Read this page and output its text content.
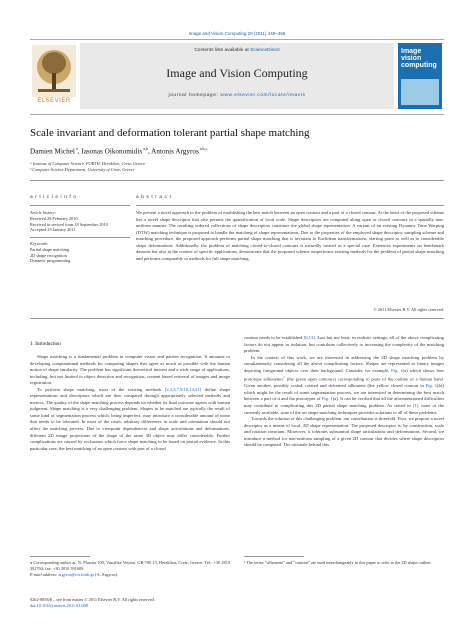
Image and Vision Computing 29 (2011) 449–465
ELSEVIER
Contents lists available at ScienceDirect
Image and Vision Computing
journal homepage: www.elsevier.com/locate/imavis
Image
vision
computing
Scale invariant and deformation tolerant partial shape matching
Damien Michel $^a$, Iasonas Oikonomidis $^{a,b}$, Antonis Argyros $^{a,b,⁎}$
ᵃ Institute of Computer Science, FORTH, Heraklion, Crete, Greece
ᵇ Computer Science Department, University of Crete, Greece
a r t i c l e i n f o
Article history:
Received 28 February 2010
Received in revised form 18 September 2010
Accepted 29 January 2011
Keywords:
Partial shape matching
2D shape recognition
Dynamic programming
a b s t r a c t
We present a novel approach to the problem of establishing the best match between an open contour and a part of a closed contour. At the heart of the proposed scheme lies a novel shape descriptor that also permits the quantification of local scale. Shape descriptors are computed along open or closed contours in a spatially non-uniform manner. The resulting ordered collections of shape descriptors constitute the global shape representation. A variant of an existing Dynamic Time Warping (DTW) matching technique is proposed to handle the matching of shape representations. Due to the properties of the employed shape descriptor, sampling scheme and matching procedure, the proposed approach performs partial shape matching that is invariant to Euclidean transformations, starting point as well as to considerable shape deformations. Additionally, the problem of matching closed-to-closed contours is naturally treated as a special case. Extensive experiments on benchmark datasets but also in the context of specific applications, demonstrate that the proposed scheme outperforms existing methods for the problem of partial shape matching and performs comparably to methods for full shape matching.
© 2011 Elsevier B.V. All rights reserved.
1. Introduction

Shape matching is a fundamental problem in computer vision and pattern recognition. It amounts to developing computational methods for comparing shapes that agree as much as possible with the human notion of shape similarity. The problem has significant theoretical interest and a wide range of applications, including, but not limited to object detection and recognition, content based retrieval of images and image registration.

To perform shape matching, most of the existing methods [2,3,5,7,9,10,14,21] define shape representations and descriptors which are then compared through appropriately selected methods and metrics. The quality of the shape matching process depends on whether its final outcome agrees with human judgment. Shape matching is a very challenging problem. Shapes to be matched are typically the result of some kind of segmentation process which, being imperfect, may introduce a considerable amount of noise that needs to be tolerated. In most of the cases, arbitrary differences in scale and orientation should not affect the matching process. Due to viewpoint dependencies and shape articulations and deformations, different 2D image projections of the shape of the same 3D object may differ considerably. Further complications are caused by occlusions which force shape matching to be based on partial evidence. In this particular case, the best matching of an open contour with part of a closed

contour needs to be established [6,13]. Last but not least, in realistic settings, all of the above complicating factors do not appear in isolation, but contribute collectively to increasing the complexity of the matching problem.

In the context of this work, we are interested in addressing the 2D shape matching problem by simultaneously considering all the above complicating factors. Shapes are represented as binary images depicting foreground objects over their background. Consider, for example, Fig. 1(a) which shows four prototype silhouettes$^1$ (the green open contours) corresponding to parts of the outline of a human hand. Given another, possibly scaled, rotated and deformed silhouette (the yellow closed contour in Fig. 1(b)) which might be the result of some segmentation process, we are interested in determining the best match between a part of it and the prototypes of Fig. 1(a). It can be verified that all the aforementioned difficulties may contribute to complicating this 2D partial shape matching problem. As stated in [1], none of the currently available, state of the art shape matching techniques provides solutions to all of these problems.

Towards the solution of this challenging problem, our contribution is threefold. First, we propose a novel descriptor as a means of local, 2D shape representation. The proposed descriptor is, by construction, scale and rotation invariant. Moreover, it tolerates substantial shape articulations and deformations. Second, we introduce a method for non-uniform sampling of a given 2D contour that decides where shape descriptors should be computed. The rationale behind this

⁎ Corresponding author at: N. Plastira 100, Vassilika Vouton, GR-700 13, Heraklion, Crete, Greece. Tel.: +30 2810 391704; fax: +30 2810 391609.
E-mail address: argyros@ics.forth.gr (A. Argyros).
¹ The terms "silhouette" and "contour" are used interchangeably in this paper to refer to the 2D shape outline.
0262-8856/$ – see front matter © 2011 Elsevier B.V. All rights reserved.
doi:10.1016/j.imavis.2011.01.008
